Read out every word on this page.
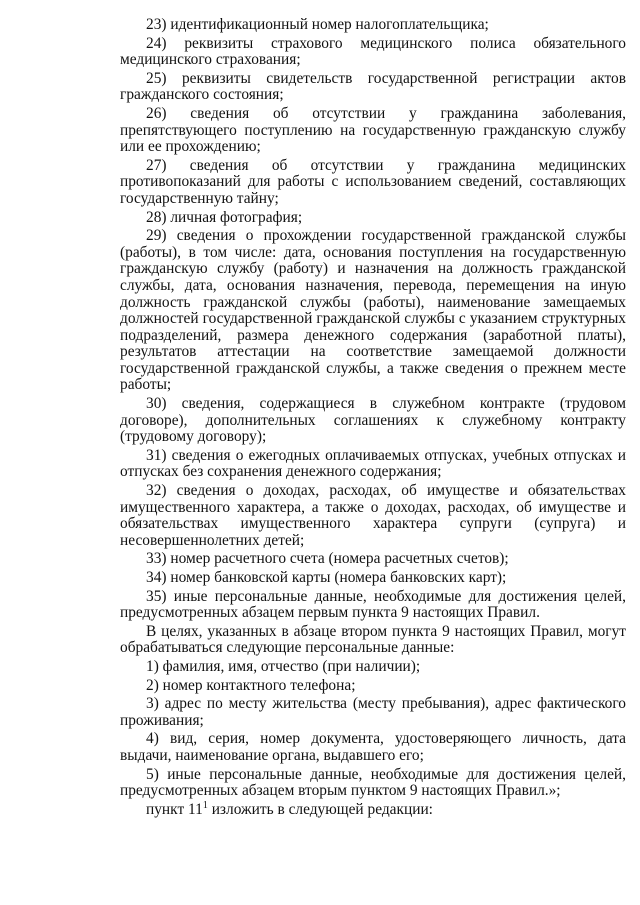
23) идентификационный номер налогоплательщика;

24) реквизиты страхового медицинского полиса обязательного медицинского страхования;

25) реквизиты свидетельств государственной регистрации актов гражданского состояния;

26) сведения об отсутствии у гражданина заболевания, препятствующего поступлению на государственную гражданскую службу или ее прохождению;

27) сведения об отсутствии у гражданина медицинских противопоказаний для работы с использованием сведений, составляющих государственную тайну;

28) личная фотография;

29) сведения о прохождении государственной гражданской службы (работы), в том числе: дата, основания поступления на государственную гражданскую службу (работу) и назначения на должность гражданской службы, дата, основания назначения, перевода, перемещения на иную должность гражданской службы (работы), наименование замещаемых должностей государственной гражданской службы с указанием структурных подразделений, размера денежного содержания (заработной платы), результатов аттестации на соответствие замещаемой должности государственной гражданской службы, а также сведения о прежнем месте работы;

30) сведения, содержащиеся в служебном контракте (трудовом договоре), дополнительных соглашениях к служебному контракту (трудовому договору);

31) сведения о ежегодных оплачиваемых отпусках, учебных отпусках и отпусках без сохранения денежного содержания;

32) сведения о доходах, расходах, об имуществе и обязательствах имущественного характера, а также о доходах, расходах, об имуществе и обязательствах имущественного характера супруги (супруга) и несовершеннолетних детей;

33) номер расчетного счета (номера расчетных счетов);

34) номер банковской карты (номера банковских карт);

35) иные персональные данные, необходимые для достижения целей, предусмотренных абзацем первым пункта 9 настоящих Правил.

В целях, указанных в абзаце втором пункта 9 настоящих Правил, могут обрабатываться следующие персональные данные:

1) фамилия, имя, отчество (при наличии);

2) номер контактного телефона;

3) адрес по месту жительства (месту пребывания), адрес фактического проживания;

4) вид, серия, номер документа, удостоверяющего личность, дата выдачи, наименование органа, выдавшего его;

5) иные персональные данные, необходимые для достижения целей, предусмотренных абзацем вторым пунктом 9 настоящих Правил.»;

пункт $11^1$ изложить в следующей редакции:
